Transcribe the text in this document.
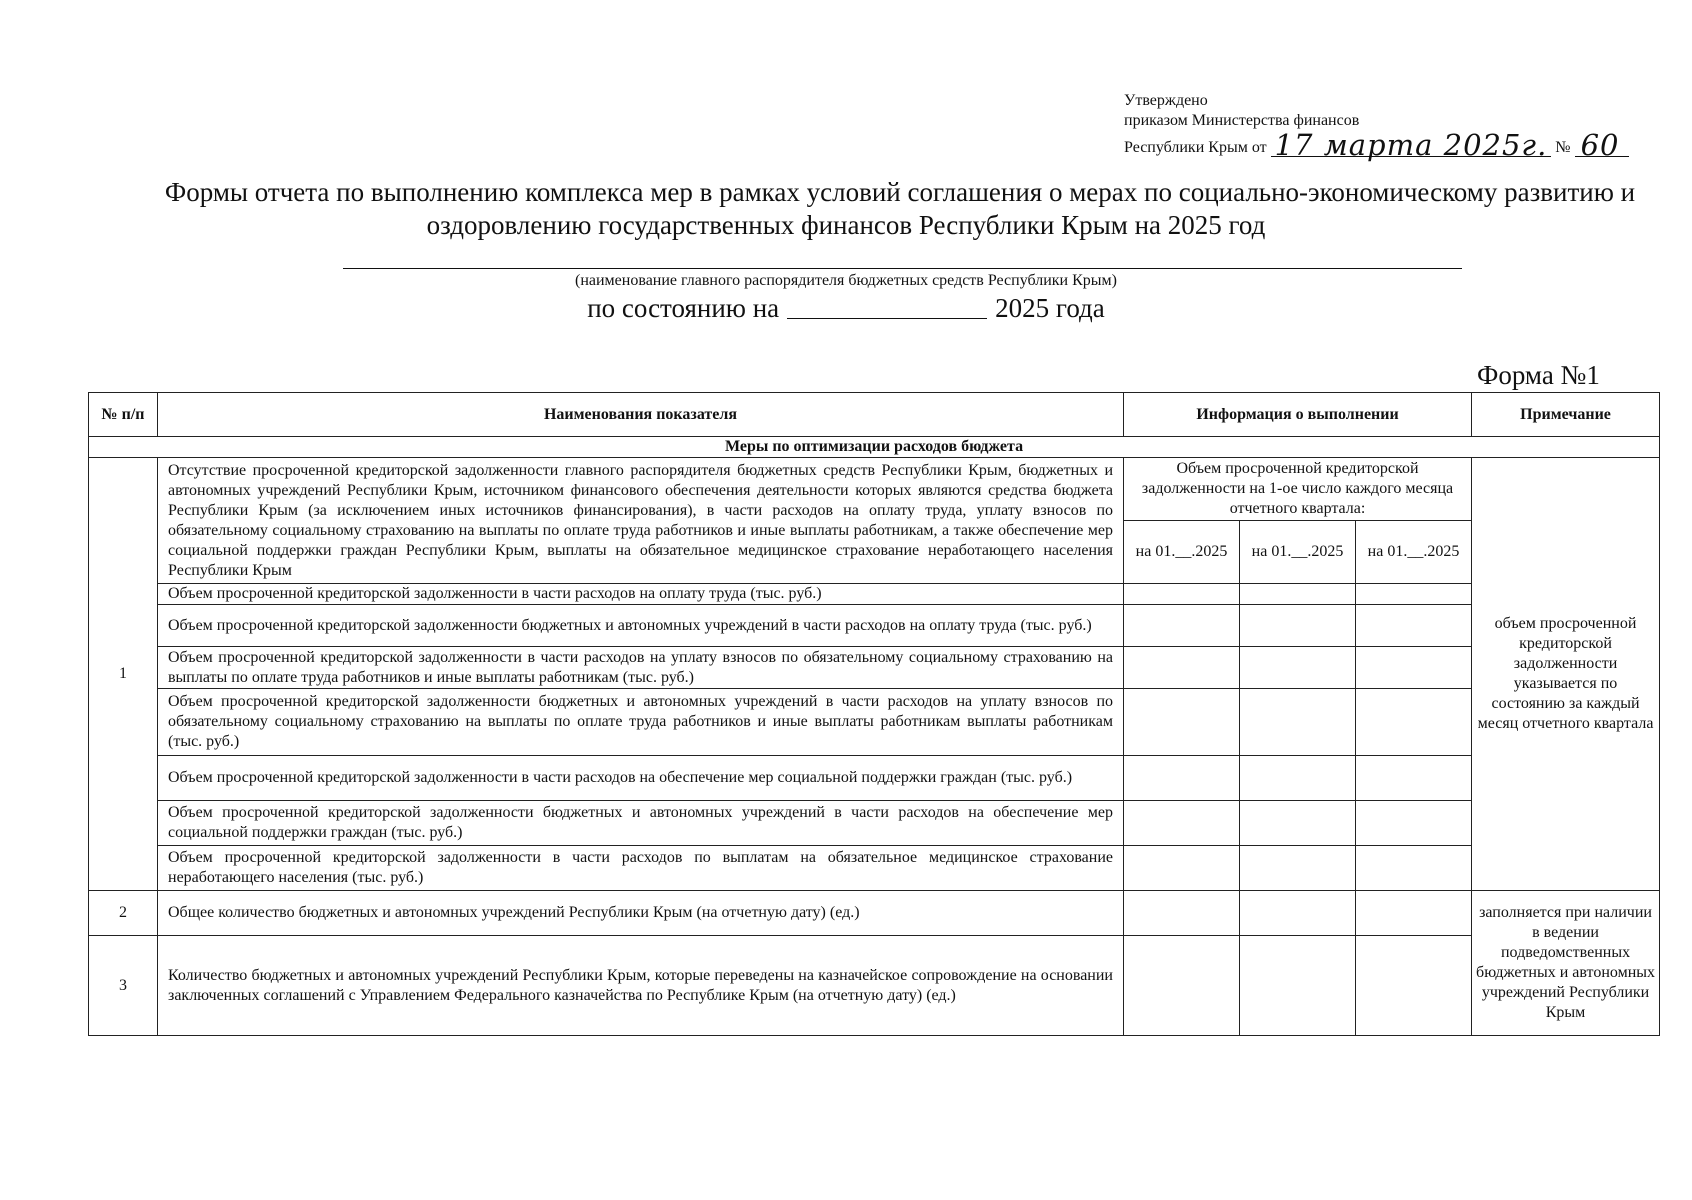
Утверждено
приказом Министерства финансов
Республики Крым от 17 марта 2025г. № 60
Формы отчета по выполнению комплекса мер в рамках условий соглашения о мерах по социально-экономическому развитию и
оздоровлению государственных финансов Республики Крым на 2025 год
(наименование главного распорядителя бюджетных средств Республики Крым)
по состоянию на	2025 года
Форма №1
№ п/п	Наименования показателя	Информация о выполнении			Примечание
Меры по оптимизации расходов бюджета					
1	Отсутствие просроченной кредиторской задолженности главного распорядителя бюджетных средств Республики Крым, бюджетных и автономных учреждений Республики Крым, источником финансового обеспечения деятельности которых являются средства бюджета Республики Крым (за исключением иных источников финансирования), в части расходов на оплату труда, уплату взносов по обязательному социальному страхованию на выплаты по оплате труда работников и иные выплаты работникам, а также обеспечение мер социальной поддержки граждан Республики Крым, выплаты на обязательное медицинское страхование неработающего населения Республики Крым	Объем просроченной кредиторской задолженности на 1-ое число каждого месяца отчетного квартала:			объем просроченной кредиторской задолженности указывается по состоянию за каждый месяц отчетного квартала
		на 01.__.2025	на 01.__.2025	на 01.__.2025	
	Объем просроченной кредиторской задолженности в части расходов на оплату труда (тыс. руб.)				
	Объем просроченной кредиторской задолженности бюджетных и автономных учреждений в части расходов на оплату труда (тыс. руб.)				
	Объем просроченной кредиторской задолженности в части расходов на уплату взносов по обязательному социальному страхованию на выплаты по оплате труда работников и иные выплаты работникам (тыс. руб.)				
	Объем просроченной кредиторской задолженности бюджетных и автономных учреждений в части расходов на уплату взносов по обязательному социальному страхованию на выплаты по оплате труда работников и иные выплаты работникам выплаты работникам (тыс. руб.)				
	Объем просроченной кредиторской задолженности в части расходов на обеспечение мер социальной поддержки граждан (тыс. руб.)				
	Объем просроченной кредиторской задолженности бюджетных и автономных учреждений в части расходов на обеспечение мер социальной поддержки граждан (тыс. руб.)				
	Объем просроченной кредиторской задолженности в части расходов по выплатам на обязательное медицинское страхование неработающего населения (тыс. руб.)				
2	Общее количество бюджетных и автономных учреждений Республики Крым (на отчетную дату) (ед.)				заполняется при наличии в ведении подведомственных бюджетных и автономных учреждений Республики Крым
3	Количество бюджетных и автономных учреждений Республики Крым, которые переведены на казначейское сопровождение на основании заключенных соглашений с Управлением Федерального казначейства по Республике Крым (на отчетную дату) (ед.)				
